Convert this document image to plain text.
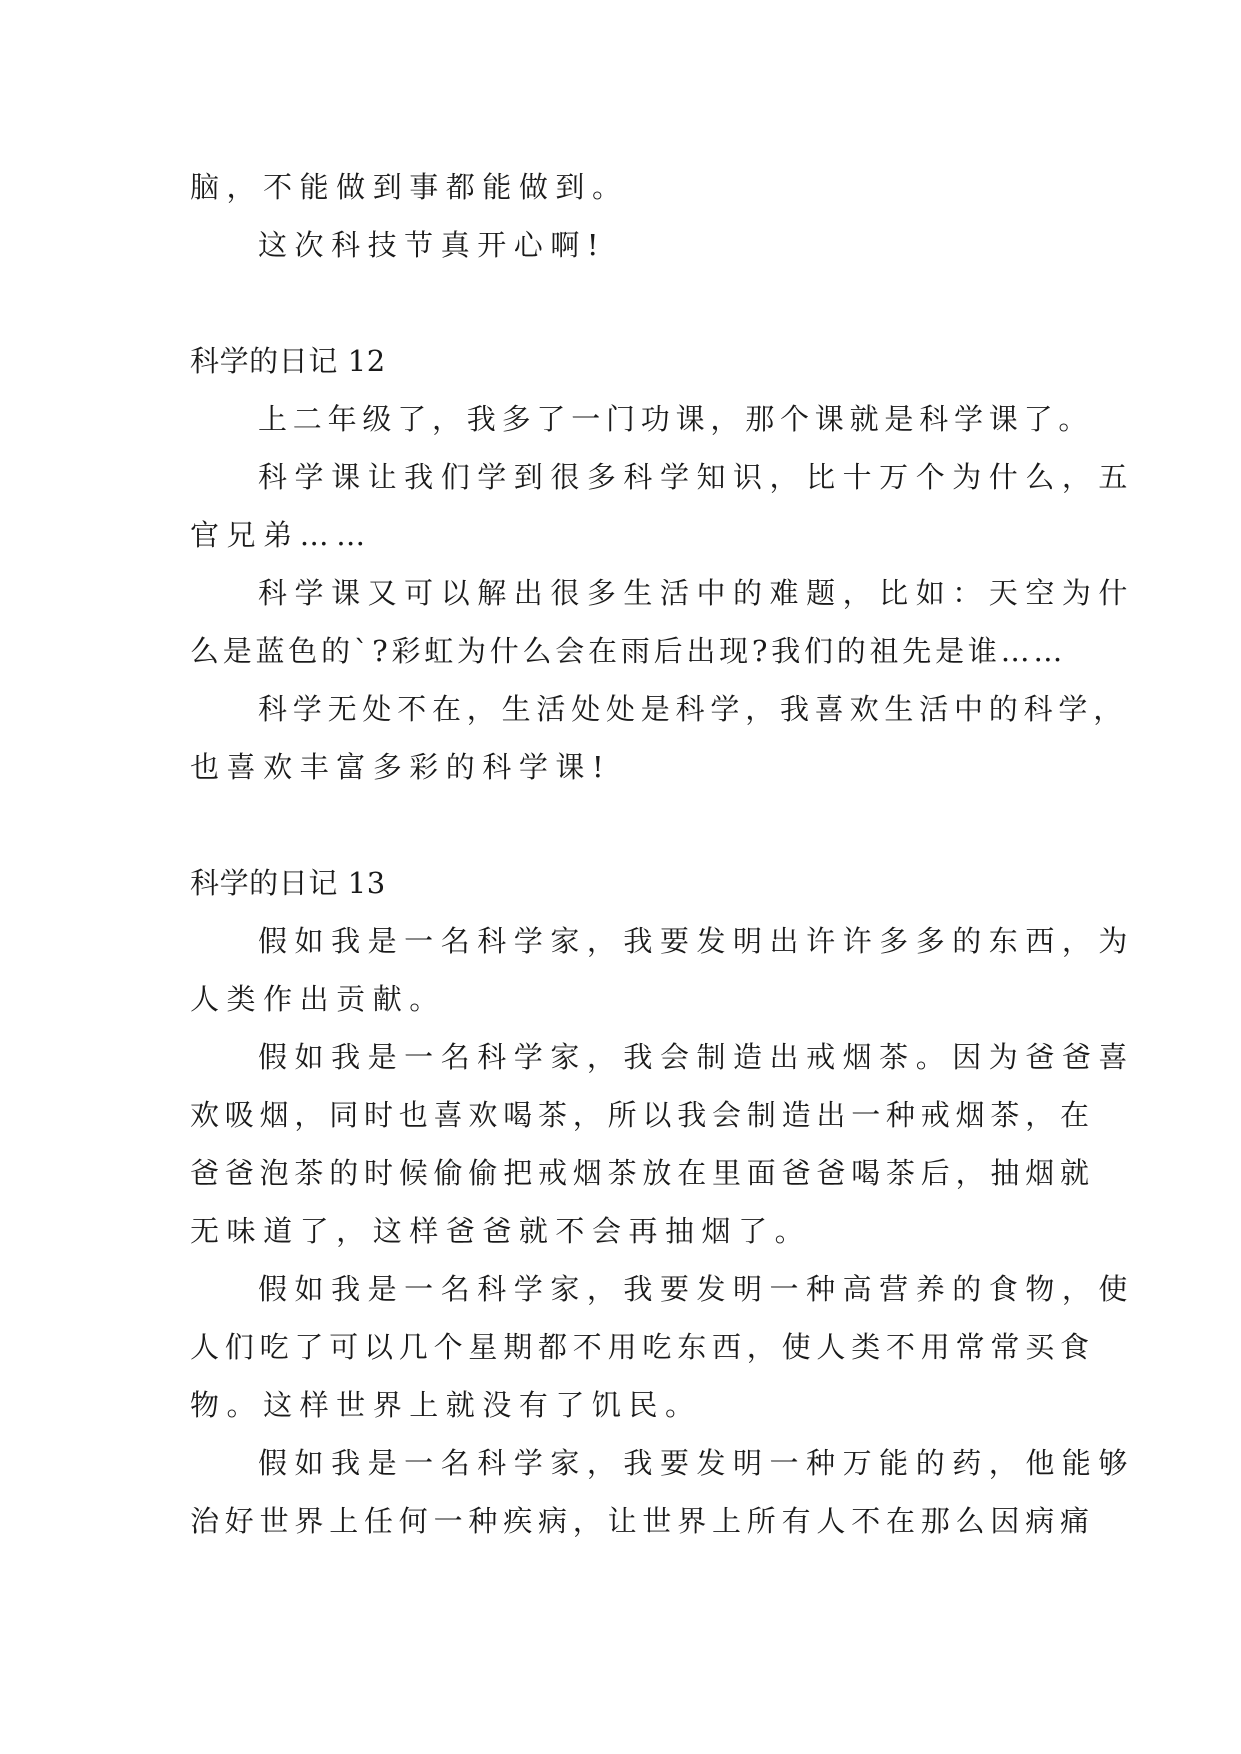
脑，不能做到事都能做到。
这次科技节真开心啊!
科学的日记 12
上二年级了，我多了一门功课，那个课就是科学课了。
科学课让我们学到很多科学知识，比十万个为什么，五
官兄弟……
科学课又可以解出很多生活中的难题，比如：天空为什
么是蓝色的`?彩虹为什么会在雨后出现?我们的祖先是谁……
科学无处不在，生活处处是科学，我喜欢生活中的科学，
也喜欢丰富多彩的科学课!
科学的日记 13
假如我是一名科学家，我要发明出许许多多的东西，为
人类作出贡献。
假如我是一名科学家，我会制造出戒烟茶。因为爸爸喜
欢吸烟，同时也喜欢喝茶，所以我会制造出一种戒烟茶，在
爸爸泡茶的时候偷偷把戒烟茶放在里面爸爸喝茶后，抽烟就
无味道了，这样爸爸就不会再抽烟了。
假如我是一名科学家，我要发明一种高营养的食物，使
人们吃了可以几个星期都不用吃东西，使人类不用常常买食
物。这样世界上就没有了饥民。
假如我是一名科学家，我要发明一种万能的药，他能够
治好世界上任何一种疾病，让世界上所有人不在那么因病痛
